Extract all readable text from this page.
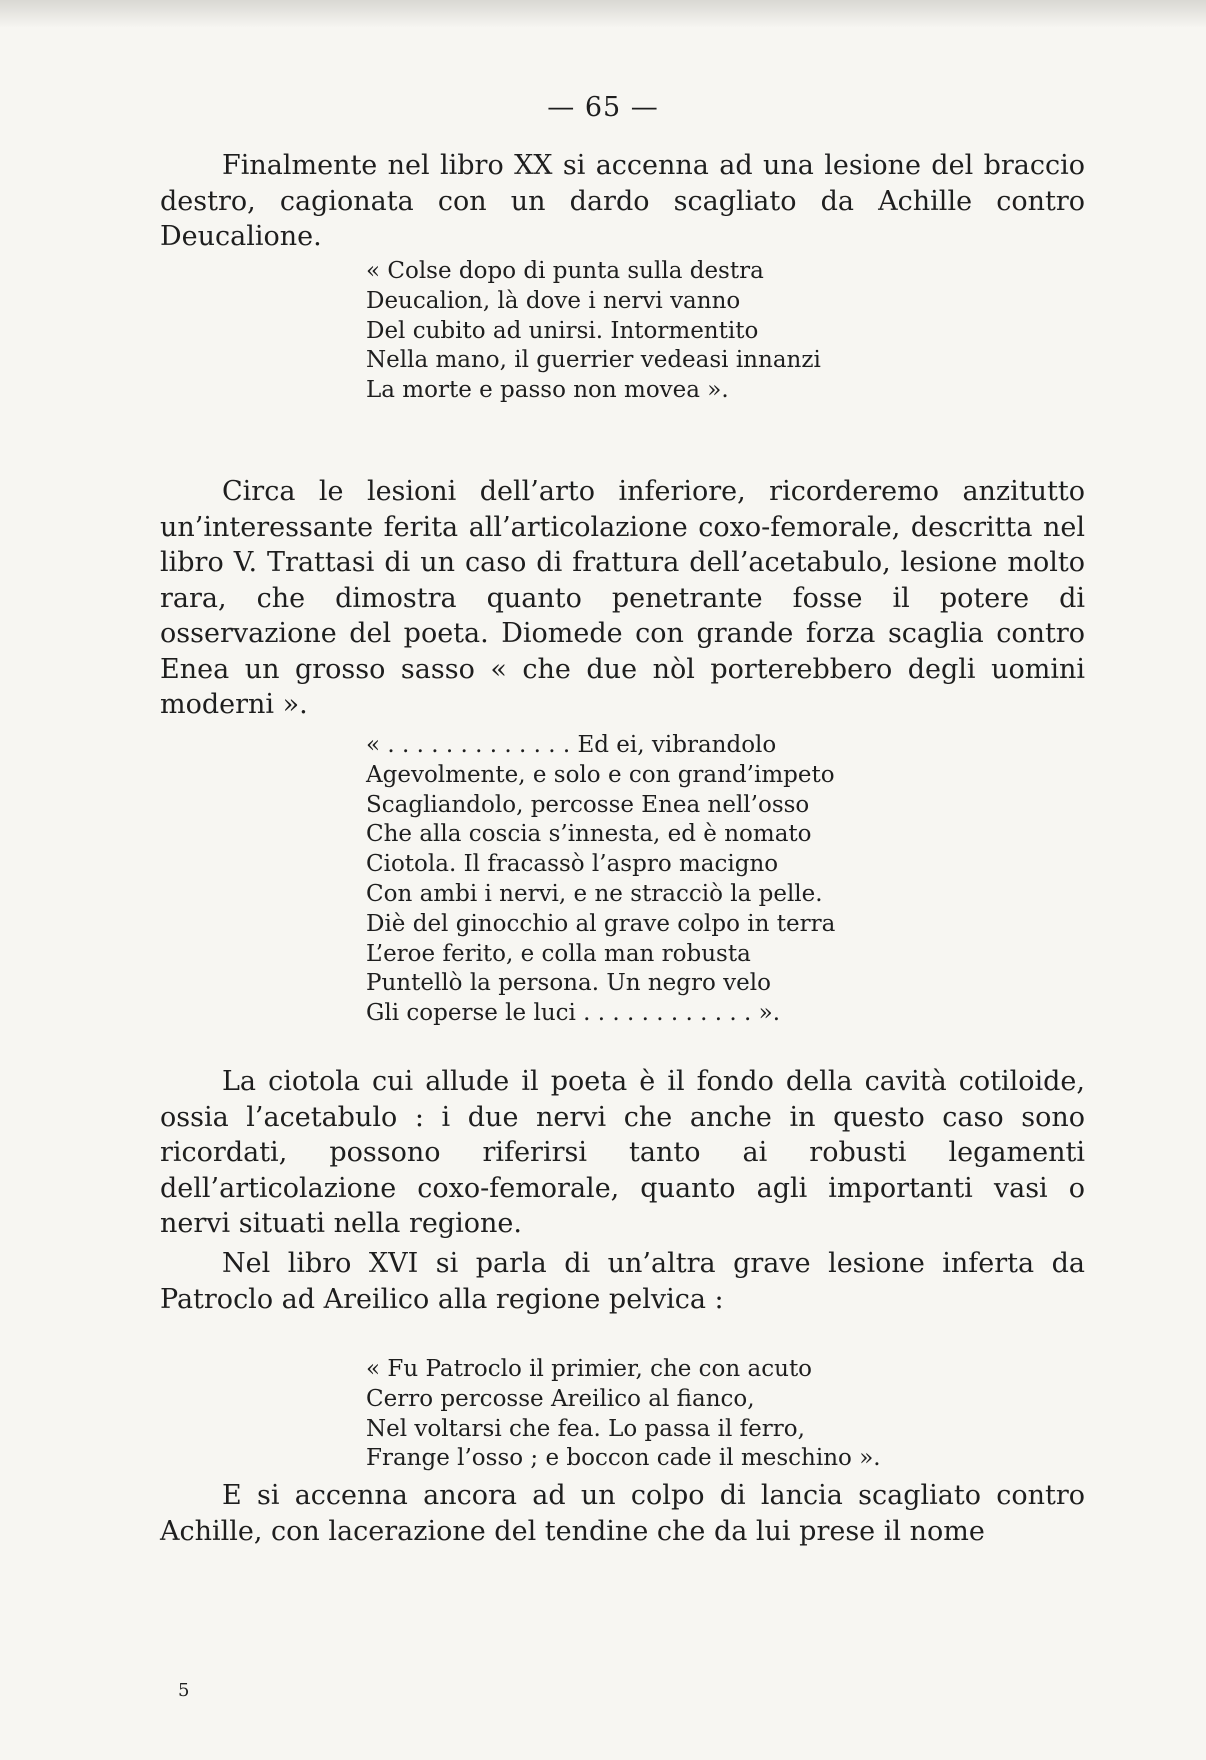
— 65 —

Finalmente nel libro XX si accenna ad una lesione del braccio destro, cagionata con un dardo scagliato da Achille contro Deucalione.

« Colse dopo di punta sulla destra
Deucalion, là dove i nervi vanno
Del cubito ad unirsi. Intormentito
Nella mano, il guerrier vedeasi innanzi
La morte e passo non movea ».

Circa le lesioni dell’arto inferiore, ricorderemo anzitutto un’interessante ferita all’articolazione coxo-femorale, descritta nel libro V. Trattasi di un caso di frattura dell’acetabulo, lesione molto rara, che dimostra quanto penetrante fosse il potere di osservazione del poeta. Diomede con grande forza scaglia contro Enea un grosso sasso « che due nòl porterebbero degli uomini moderni ».

« . . . . . . . . . . . . . Ed ei, vibrandolo
Agevolmente, e solo e con grand’impeto
Scagliandolo, percosse Enea nell’osso
Che alla coscia s’innesta, ed è nomato
Ciotola. Il fracassò l’aspro macigno
Con ambi i nervi, e ne stracciò la pelle.
Diè del ginocchio al grave colpo in terra
L’eroe ferito, e colla man robusta
Puntellò la persona. Un negro velo
Gli coperse le luci . . . . . . . . . . . . ».

La ciotola cui allude il poeta è il fondo della cavità cotiloide, ossia l’acetabulo : i due nervi che anche in questo caso sono ricordati, possono riferirsi tanto ai robusti legamenti dell’articolazione coxo-femorale, quanto agli importanti vasi o nervi situati nella regione.

Nel libro XVI si parla di un’altra grave lesione inferta da Patroclo ad Areilico alla regione pelvica :

« Fu Patroclo il primier, che con acuto
Cerro percosse Areilico al fianco,
Nel voltarsi che fea. Lo passa il ferro,
Frange l’osso ; e boccon cade il meschino ».

E si accenna ancora ad un colpo di lancia scagliato contro Achille, con lacerazione del tendine che da lui prese il nome

5
